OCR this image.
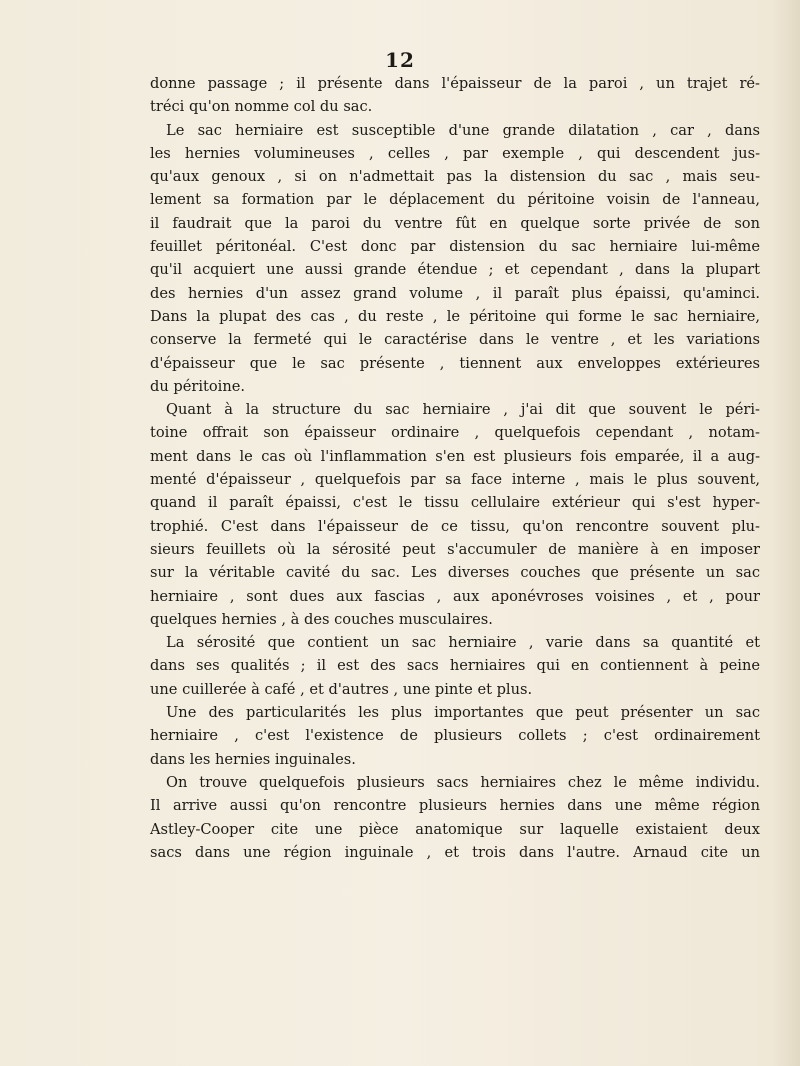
12
donne passage ; il présente dans l'épaisseur de la paroi , un trajet ré-
tréci qu'on nomme col du sac.
Le sac herniaire est susceptible d'une grande dilatation , car , dans
les hernies volumineuses , celles , par exemple , qui descendent jus-
qu'aux genoux , si on n'admettait pas la distension du sac , mais seu-
lement sa formation par le déplacement du péritoine voisin de l'anneau,
il faudrait que la paroi du ventre fût en quelque sorte privée de son
feuillet péritonéal. C'est donc par distension du sac herniaire lui-même
qu'il acquiert une aussi grande étendue ; et cependant , dans la plupart
des hernies d'un assez grand volume , il paraît plus épaissi, qu'aminci.
Dans la plupat des cas , du reste , le péritoine qui forme le sac herniaire,
conserve la fermeté qui le caractérise dans le ventre , et les variations
d'épaisseur que le sac présente , tiennent aux enveloppes extérieures
du péritoine.
Quant à la structure du sac herniaire , j'ai dit que souvent le péri-
toine offrait son épaisseur ordinaire , quelquefois cependant , notam-
ment dans le cas où l'inflammation s'en est plusieurs fois emparée, il a aug-
menté d'épaisseur , quelquefois par sa face interne , mais le plus souvent,
quand il paraît épaissi, c'est le tissu cellulaire extérieur qui s'est hyper-
trophié. C'est dans l'épaisseur de ce tissu, qu'on rencontre souvent plu-
sieurs feuillets où la sérosité peut s'accumuler de manière à en imposer
sur la véritable cavité du sac. Les diverses couches que présente un sac
herniaire , sont dues aux fascias , aux aponévroses voisines , et , pour
quelques hernies , à des couches musculaires.
La sérosité que contient un sac herniaire , varie dans sa quantité et
dans ses qualités ; il est des sacs herniaires qui en contiennent à peine
une cuillerée à café , et d'autres , une pinte et plus.
Une des particularités les plus importantes que peut présenter un sac
herniaire , c'est l'existence de plusieurs collets ; c'est ordinairement
dans les hernies inguinales.
On trouve quelquefois plusieurs sacs herniaires chez le même individu.
Il arrive aussi qu'on rencontre plusieurs hernies dans une même région
Astley-Cooper cite une pièce anatomique sur laquelle existaient deux
sacs dans une région inguinale , et trois dans l'autre. Arnaud cite un
